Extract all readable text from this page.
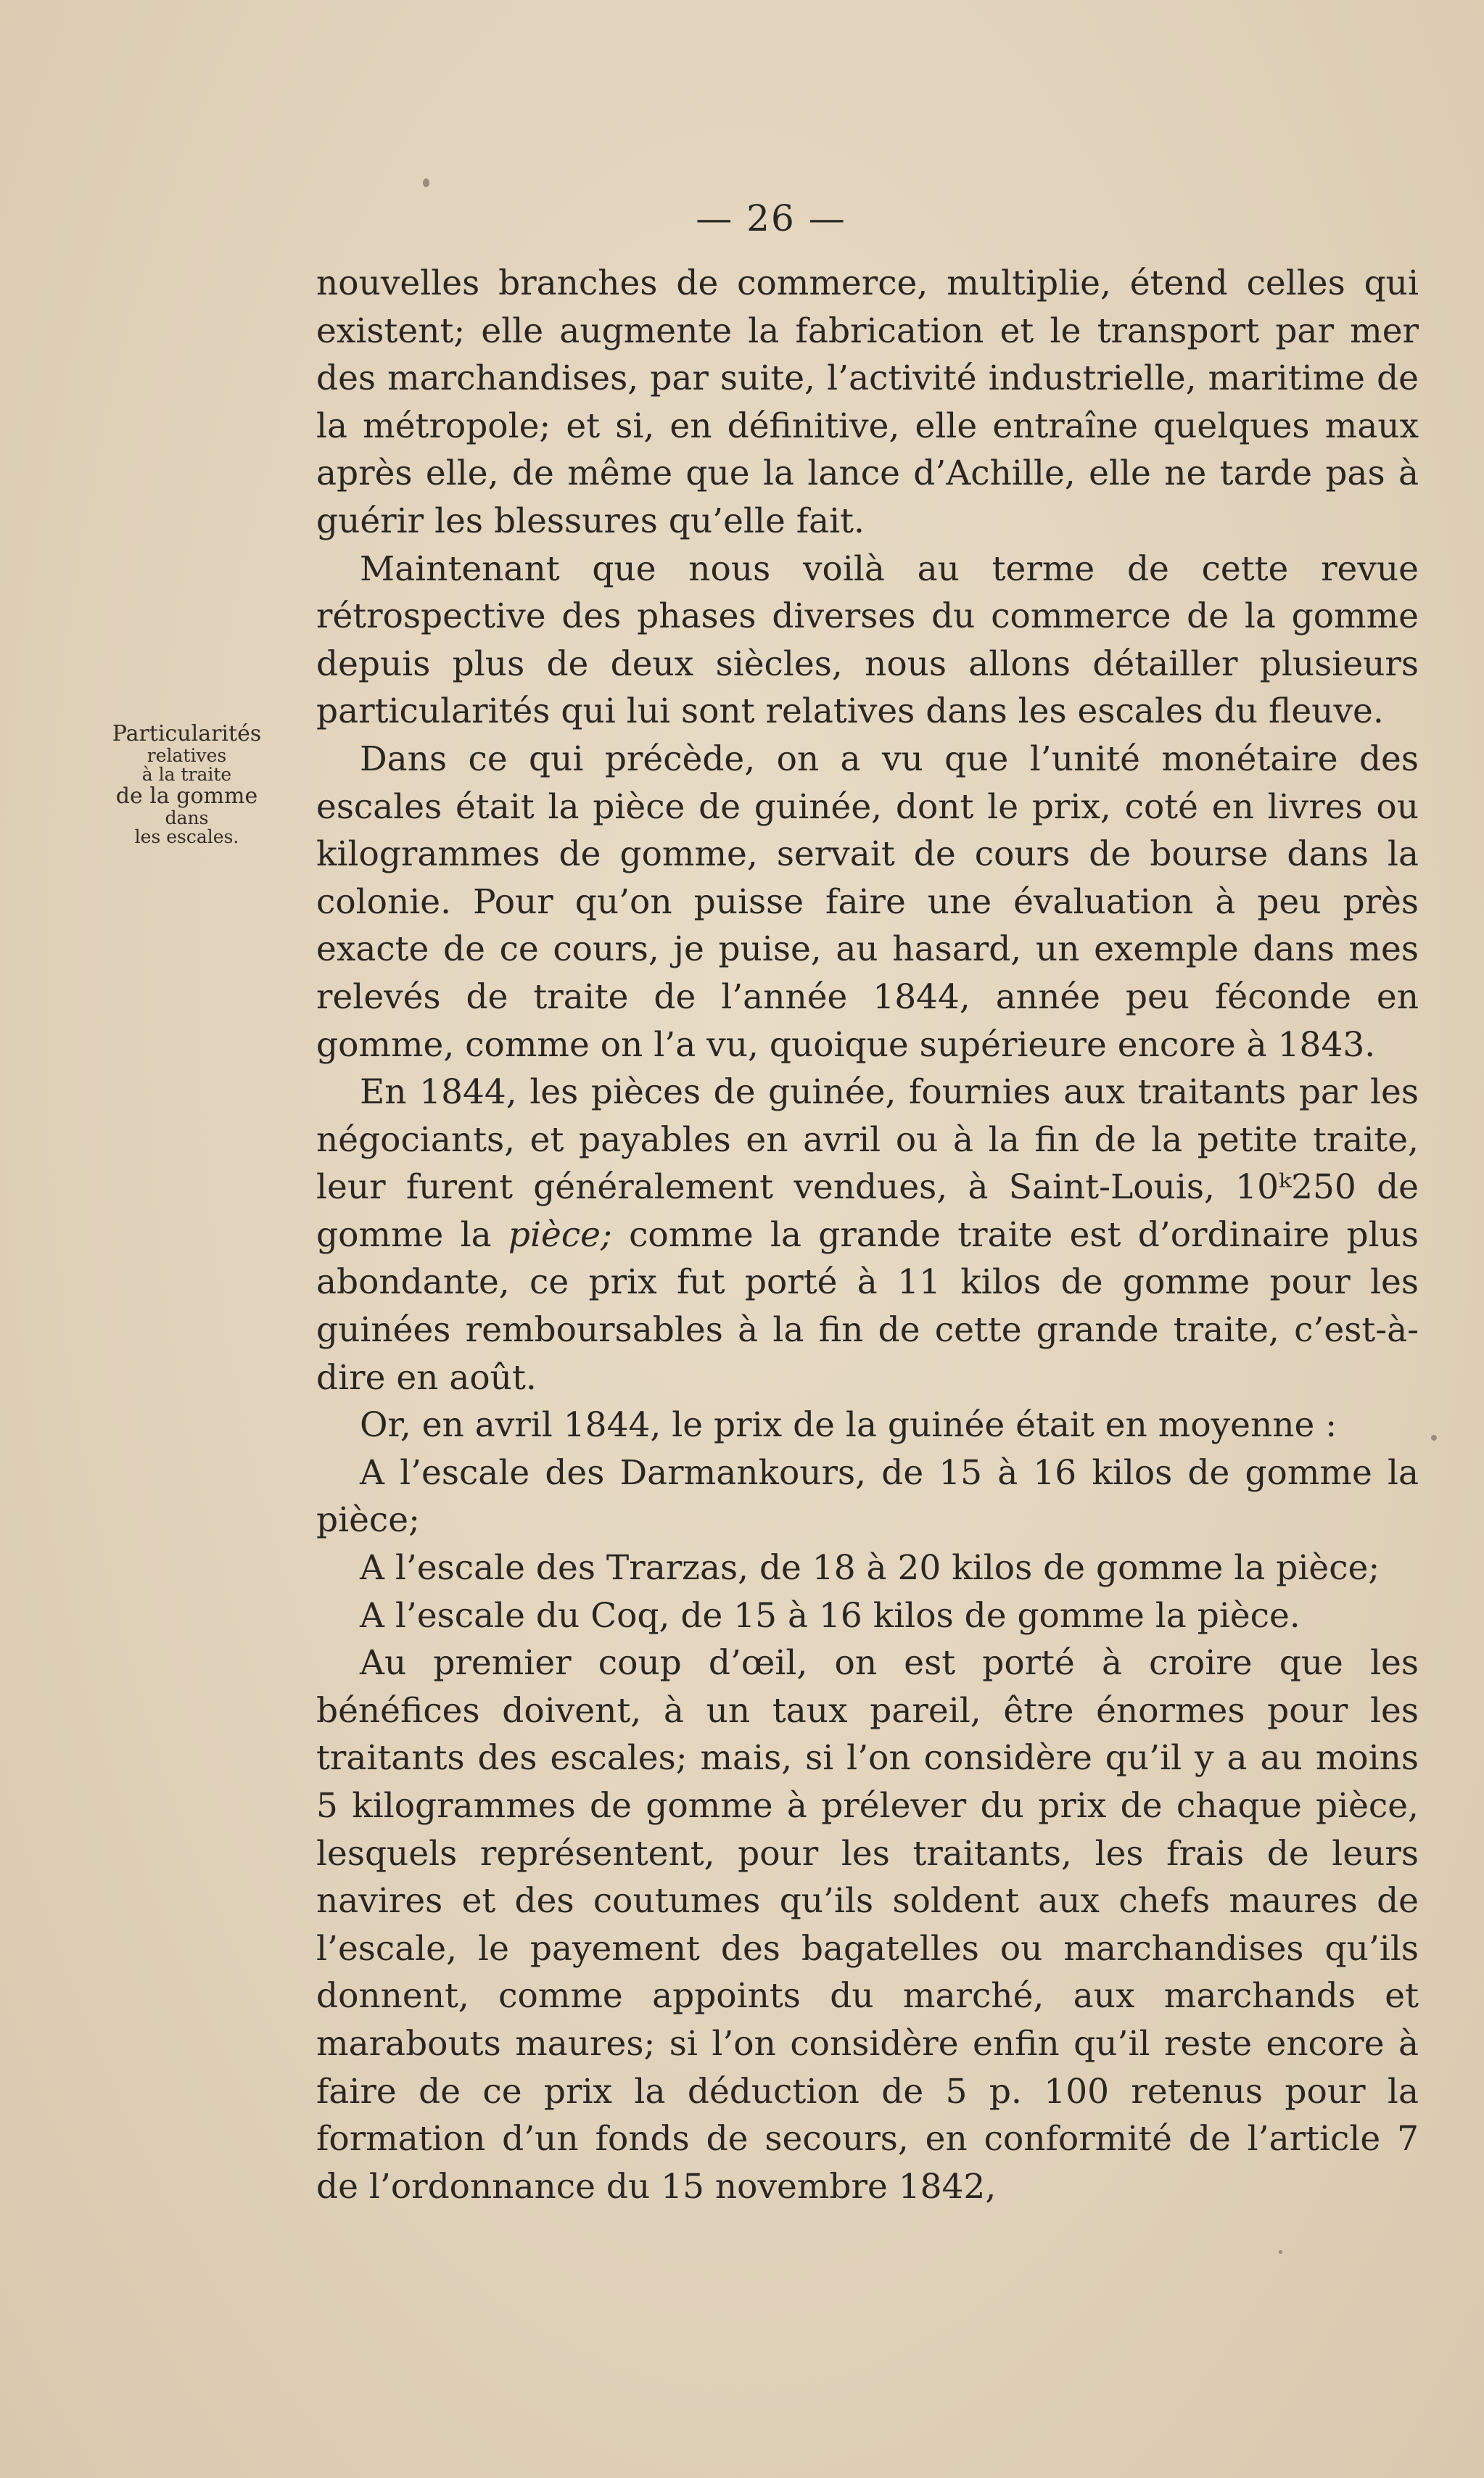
— 26 —
Particularités
relatives
à la traite
de la gomme
dans
les escales.

nouvelles branches de commerce, multiplie, étend celles qui existent; elle augmente la fabrication et le transport par mer des marchandises, par suite, l’activité industrielle, maritime de la métropole; et si, en définitive, elle entraîne quelques maux après elle, de même que la lance d’Achille, elle ne tarde pas à guérir les blessures qu’elle fait.

Maintenant que nous voilà au terme de cette revue rétrospective des phases diverses du commerce de la gomme depuis plus de deux siècles, nous allons détailler plusieurs particularités qui lui sont relatives dans les escales du fleuve.

Dans ce qui précède, on a vu que l’unité monétaire des escales était la pièce de guinée, dont le prix, coté en livres ou kilogrammes de gomme, servait de cours de bourse dans la colonie. Pour qu’on puisse faire une évaluation à peu près exacte de ce cours, je puise, au hasard, un exemple dans mes relevés de traite de l’année 1844, année peu féconde en gomme, comme on l’a vu, quoique supérieure encore à 1843.

En 1844, les pièces de guinée, fournies aux traitants par les négociants, et payables en avril ou à la fin de la petite traite, leur furent généralement vendues, à Saint-Louis, 10ᵏ250 de gomme la pièce; comme la grande traite est d’ordinaire plus abondante, ce prix fut porté à 11 kilos de gomme pour les guinées remboursables à la fin de cette grande traite, c’est-à-dire en août.

Or, en avril 1844, le prix de la guinée était en moyenne :

A l’escale des Darmankours, de 15 à 16 kilos de gomme la pièce;

A l’escale des Trarzas, de 18 à 20 kilos de gomme la pièce;

A l’escale du Coq, de 15 à 16 kilos de gomme la pièce.

Au premier coup d’œil, on est porté à croire que les bénéfices doivent, à un taux pareil, être énormes pour les traitants des escales; mais, si l’on considère qu’il y a au moins 5 kilogrammes de gomme à prélever du prix de chaque pièce, lesquels représentent, pour les traitants, les frais de leurs navires et des coutumes qu’ils soldent aux chefs maures de l’escale, le payement des bagatelles ou marchandises qu’ils donnent, comme appoints du marché, aux marchands et marabouts maures; si l’on considère enfin qu’il reste encore à faire de ce prix la déduction de 5 p. 100 retenus pour la formation d’un fonds de secours, en conformité de l’article 7 de l’ordonnance du 15 novembre 1842,
